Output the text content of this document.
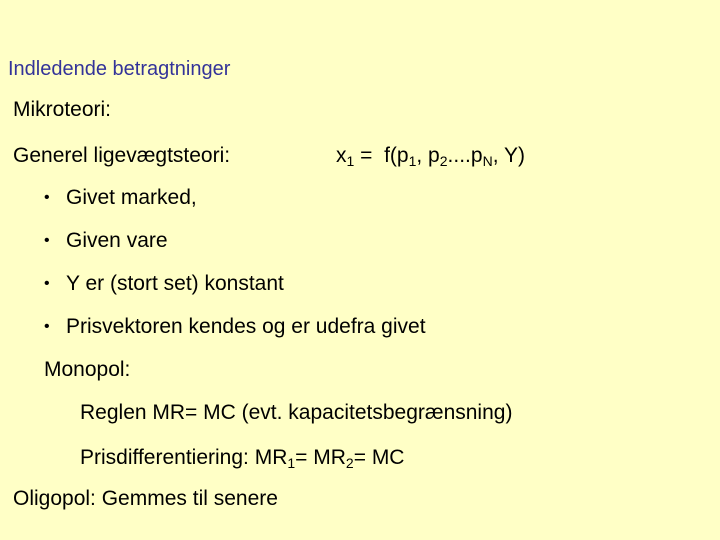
Indledende betragtninger
Mikroteori:
Generel ligevægtsteori:	$x_1 = f(p_1$, $p_2....p_N$, Y)
• Givet marked,
• Given vare
• Y er (stort set) konstant
• Prisvektoren kendes og er udefra givet
Monopol:
Reglen MR= MC (evt. kapacitetsbegrænsning)
Prisdifferentiering: $MR_1= MR_2=$ MC
Oligopol: Gemmes til senere
